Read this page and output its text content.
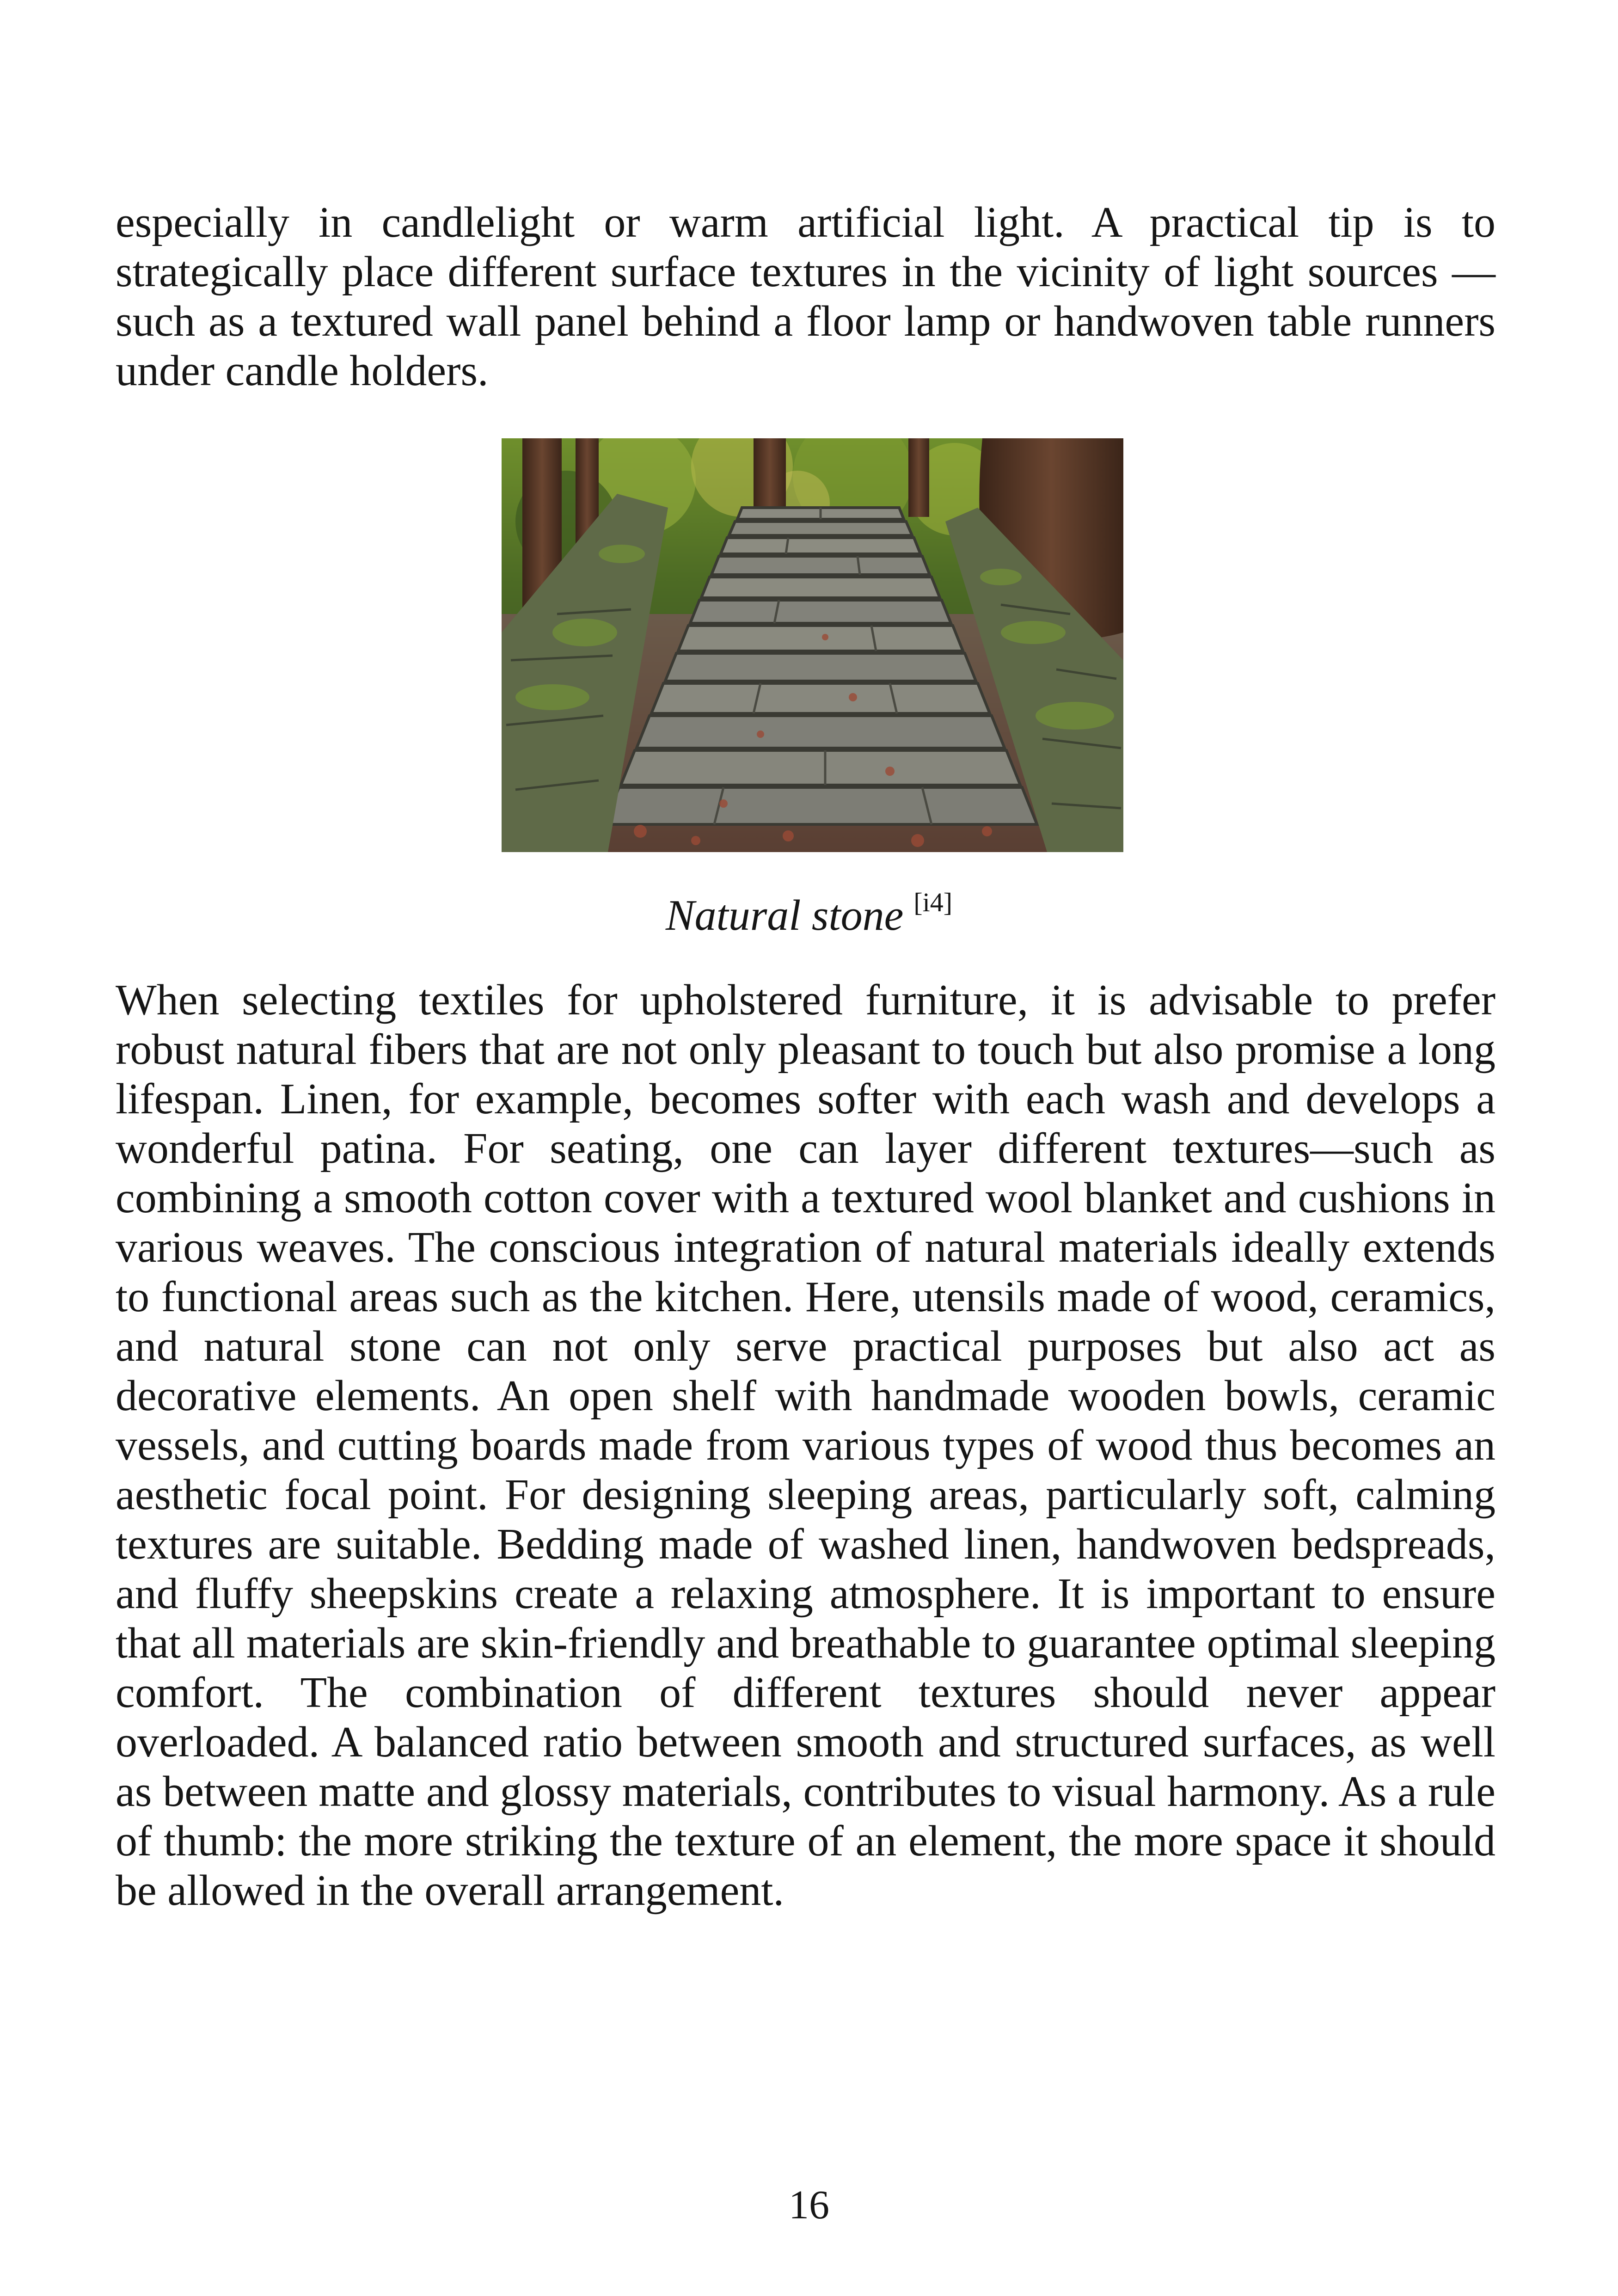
especially in candlelight or warm artificial light. A practical tip is to strategically place different surface textures in the vicinity of light sources —such as a textured wall panel behind a floor lamp or handwoven table runners under candle holders.

Natural stone [i4]

When selecting textiles for upholstered furniture, it is advisable to prefer robust natural fibers that are not only pleasant to touch but also promise a long lifespan. Linen, for example, becomes softer with each wash and develops a wonderful patina. For seating, one can layer different textures—such as combining a smooth cotton cover with a textured wool blanket and cushions in various weaves. The conscious integration of natural materials ideally extends to functional areas such as the kitchen. Here, utensils made of wood, ceramics, and natural stone can not only serve practical purposes but also act as decorative elements. An open shelf with handmade wooden bowls, ceramic vessels, and cutting boards made from various types of wood thus becomes an aesthetic focal point. For designing sleeping areas, particularly soft, calming textures are suitable. Bedding made of washed linen, handwoven bedspreads, and fluffy sheepskins create a relaxing atmosphere. It is important to ensure that all materials are skin-friendly and breathable to guarantee optimal sleeping comfort. The combination of different textures should never appear overloaded. A balanced ratio between smooth and structured surfaces, as well as between matte and glossy materials, contributes to visual harmony. As a rule of thumb: the more striking the texture of an element, the more space it should be allowed in the overall arrangement.

16
